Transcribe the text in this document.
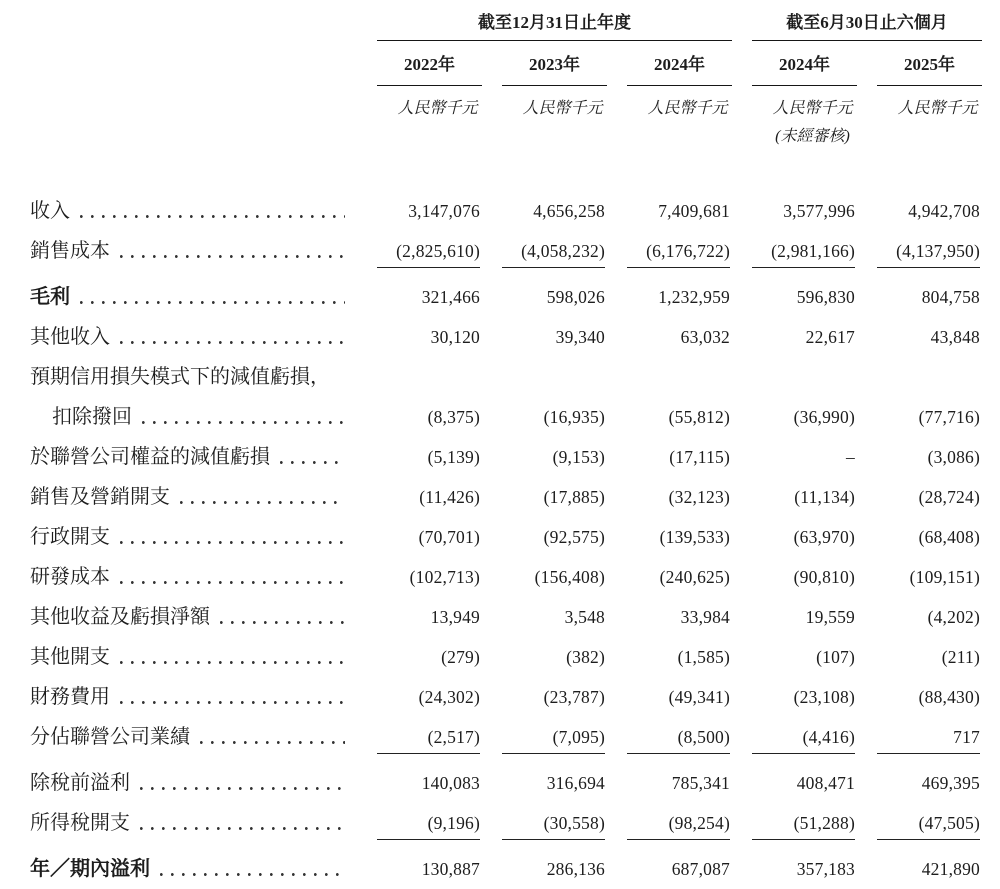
截至12月31日止年度	截至6月30日止六個月
2022年	2023年	2024年	2024年	2025年
人民幣千元	人民幣千元	人民幣千元	人民幣千元	人民幣千元
(未經審核)
收入	3,147,076	4,656,258	7,409,681	3,577,996	4,942,708
銷售成本	(2,825,610)	(4,058,232)	(6,176,722)	(2,981,166)	(4,137,950)
毛利	321,466	598,026	1,232,959	596,830	804,758
其他收入	30,120	39,340	63,032	22,617	43,848
預期信用損失模式下的減值虧損，
扣除撥回	(8,375)	(16,935)	(55,812)	(36,990)	(77,716)
於聯營公司權益的減值虧損	(5,139)	(9,153)	(17,115)	–	(3,086)
銷售及營銷開支	(11,426)	(17,885)	(32,123)	(11,134)	(28,724)
行政開支	(70,701)	(92,575)	(139,533)	(63,970)	(68,408)
研發成本	(102,713)	(156,408)	(240,625)	(90,810)	(109,151)
其他收益及虧損淨額	13,949	3,548	33,984	19,559	(4,202)
其他開支	(279)	(382)	(1,585)	(107)	(211)
財務費用	(24,302)	(23,787)	(49,341)	(23,108)	(88,430)
分佔聯營公司業績	(2,517)	(7,095)	(8,500)	(4,416)	717
除稅前溢利	140,083	316,694	785,341	408,471	469,395
所得稅開支	(9,196)	(30,558)	(98,254)	(51,288)	(47,505)
年／期內溢利	130,887	286,136	687,087	357,183	421,890
